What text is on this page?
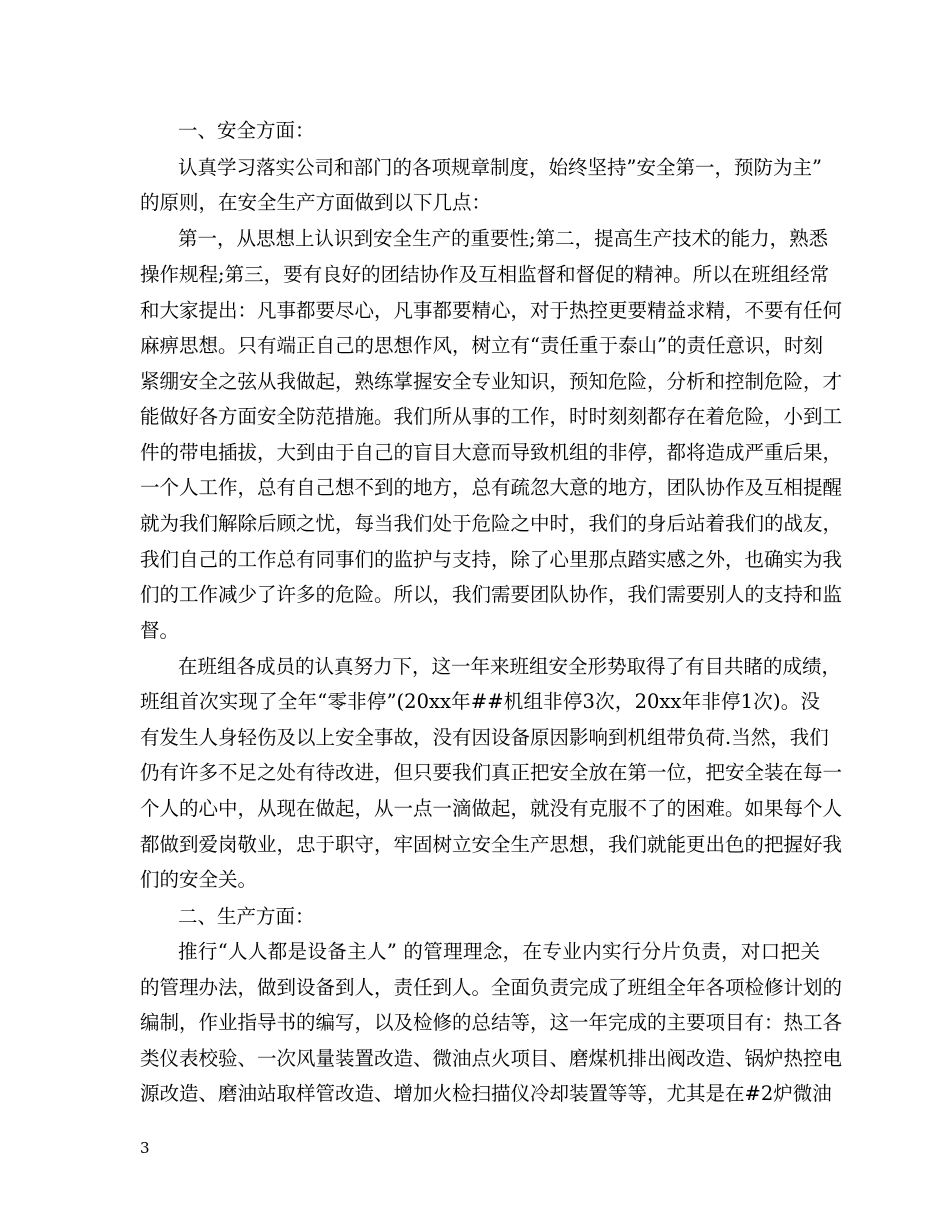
一、安全方面：
认真学习落实公司和部门的各项规章制度，始终坚持”安全第一，预防为主”
的原则，在安全生产方面做到以下几点：
第一，从思想上认识到安全生产的重要性;第二，提高生产技术的能力，熟悉
操作规程;第三，要有良好的团结协作及互相监督和督促的精神。所以在班组经常
和大家提出：凡事都要尽心，凡事都要精心，对于热控更要精益求精，不要有任何
麻痹思想。只有端正自己的思想作风，树立有“责任重于泰山”的责任意识，时刻
紧绷安全之弦从我做起，熟练掌握安全专业知识，预知危险，分析和控制危险，才
能做好各方面安全防范措施。我们所从事的工作，时时刻刻都存在着危险，小到工
件的带电插拔，大到由于自己的盲目大意而导致机组的非停，都将造成严重后果，
一个人工作，总有自己想不到的地方，总有疏忽大意的地方，团队协作及互相提醒
就为我们解除后顾之忧，每当我们处于危险之中时，我们的身后站着我们的战友，
我们自己的工作总有同事们的监护与支持，除了心里那点踏实感之外，也确实为我
们的工作减少了许多的危险。所以，我们需要团队协作，我们需要别人的支持和监
督。
在班组各成员的认真努力下，这一年来班组安全形势取得了有目共睹的成绩，
班组首次实现了全年“零非停”(20xx年##机组非停3次，20xx年非停1次)。没
有发生人身轻伤及以上安全事故，没有因设备原因影响到机组带负荷.当然，我们
仍有许多不足之处有待改进，但只要我们真正把安全放在第一位，把安全装在每一
个人的心中，从现在做起，从一点一滴做起，就没有克服不了的困难。如果每个人
都做到爱岗敬业，忠于职守，牢固树立安全生产思想，我们就能更出色的把握好我
们的安全关。
二、生产方面：
推行“人人都是设备主人” 的管理理念，在专业内实行分片负责，对口把关
的管理办法，做到设备到人，责任到人。全面负责完成了班组全年各项检修计划的
编制，作业指导书的编写，以及检修的总结等，这一年完成的主要项目有：热工各
类仪表校验、一次风量装置改造、微油点火项目、磨煤机排出阀改造、锅炉热控电
源改造、磨油站取样管改造、增加火检扫描仪冷却装置等等，尤其是在#2炉微油
3
